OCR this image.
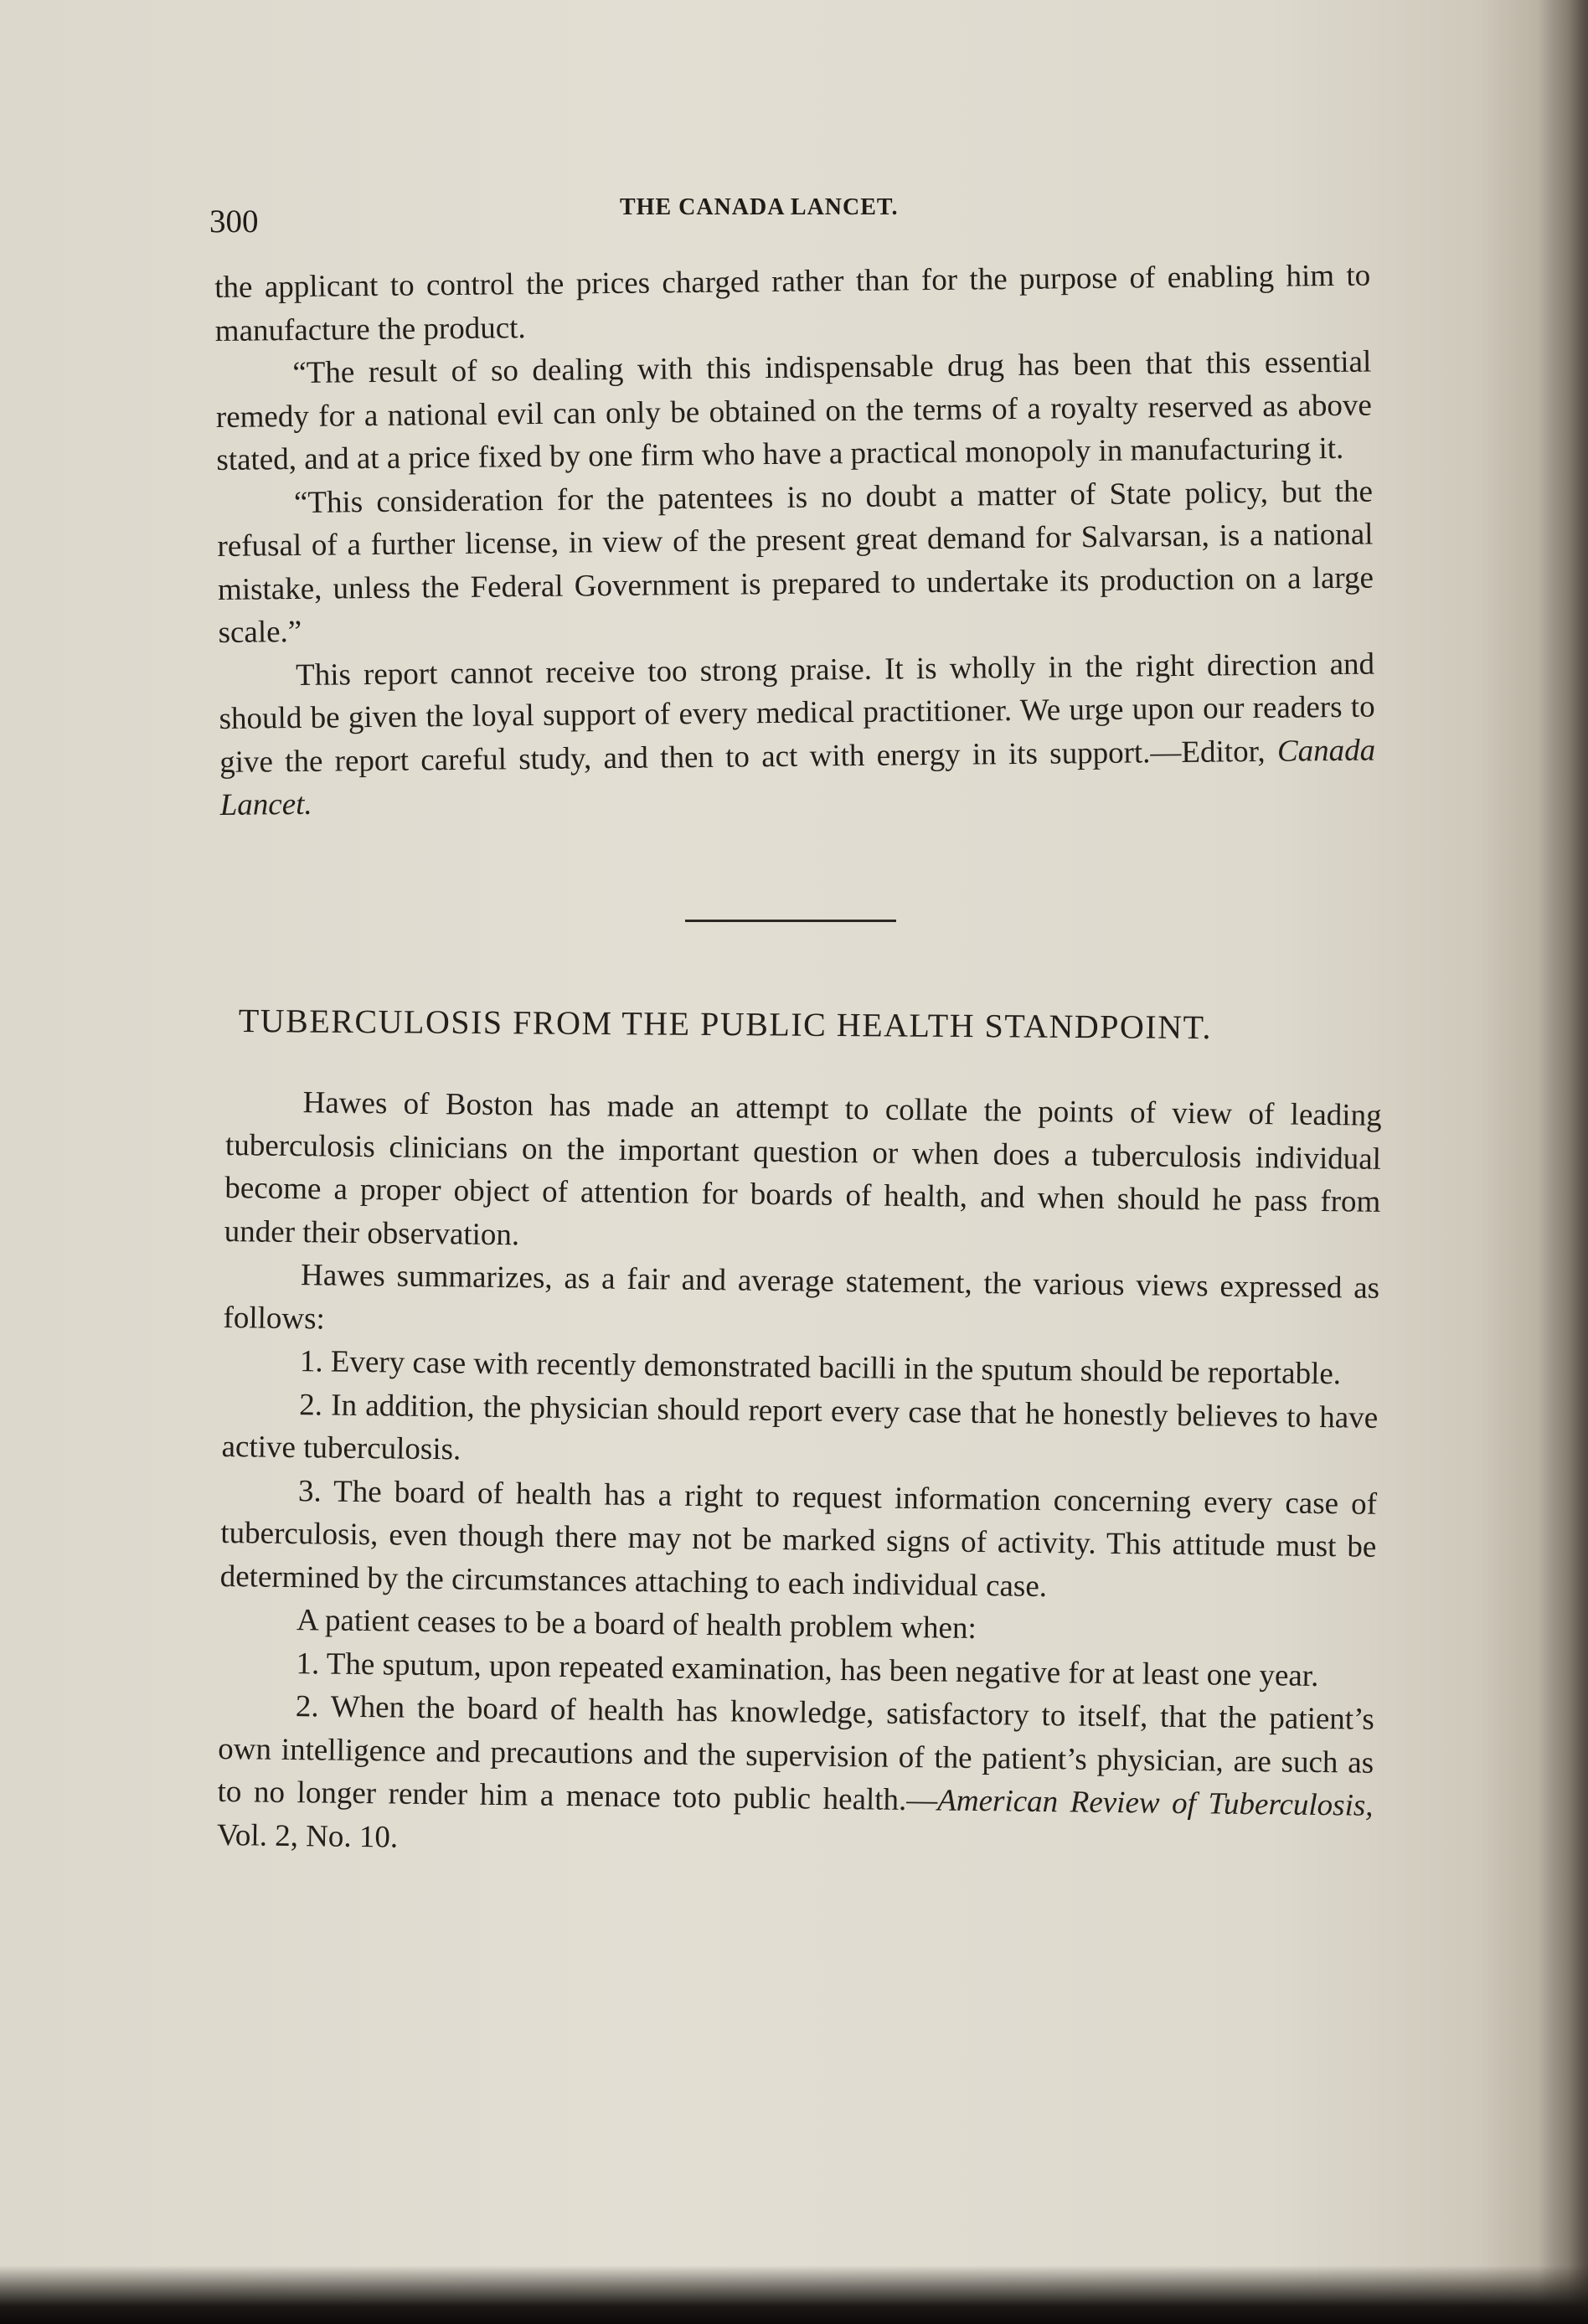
300	THE CANADA LANCET.

the applicant to control the prices charged rather than for the purpose of enabling him to manufacture the product.

“The result of so dealing with this indispensable drug has been that this essential remedy for a national evil can only be obtained on the terms of a royalty reserved as above stated, and at a price fixed by one firm who have a practical monopoly in manufacturing it.

“This consideration for the patentees is no doubt a matter of State policy, but the refusal of a further license, in view of the present great demand for Salvarsan, is a national mistake, unless the Federal Government is prepared to undertake its production on a large scale.”

This report cannot receive too strong praise. It is wholly in the right direction and should be given the loyal support of every medical practitioner. We urge upon our readers to give the report careful study, and then to act with energy in its support.—Editor, Canada Lancet.

TUBERCULOSIS FROM THE PUBLIC HEALTH STANDPOINT.

Hawes of Boston has made an attempt to collate the points of view of leading tuberculosis clinicians on the important question or when does a tuberculosis individual become a proper object of attention for boards of health, and when should he pass from under their observation.

Hawes summarizes, as a fair and average statement, the various views expressed as follows:

1. Every case with recently demonstrated bacilli in the sputum should be reportable.

2. In addition, the physician should report every case that he honestly believes to have active tuberculosis.

3. The board of health has a right to request information concerning every case of tuberculosis, even though there may not be marked signs of activity. This attitude must be determined by the circumstances attaching to each individual case.

A patient ceases to be a board of health problem when:

1. The sputum, upon repeated examination, has been negative for at least one year.

2. When the board of health has knowledge, satisfactory to itself, that the patient’s own intelligence and precautions and the supervision of the patient’s physician, are such as to no longer render him a menace toto public health.—American Review of Tuberculosis, Vol. 2, No. 10.
